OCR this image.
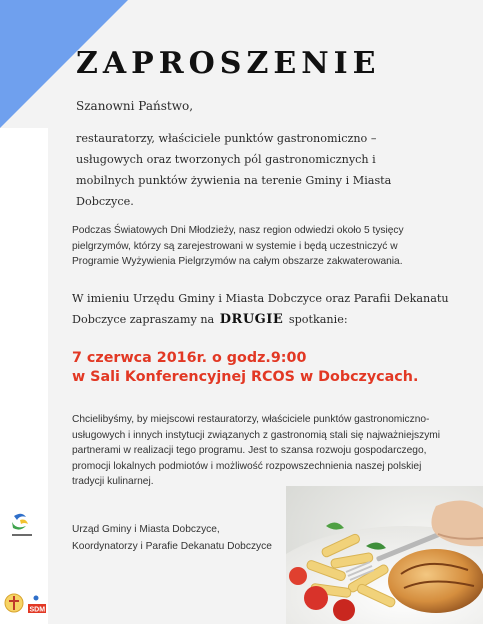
ZAPROSZENIE
Szanowni Państwo,
restauratorzy, właściciele punktów gastronomiczno – usługowych oraz tworzonych pól gastronomicznych i mobilnych punktów żywienia na terenie Gminy i Miasta Dobczyce.
Podczas Światowych Dni Młodzieży, nasz region odwiedzi około 5 tysięcy pielgrzymów, którzy są zarejestrowani w systemie i będą uczestniczyć w Programie Wyżywienia Pielgrzymów na całym obszarze zakwaterowania.
W imieniu Urzędu Gminy i Miasta Dobczyce oraz Parafii Dekanatu Dobczyce zapraszamy na DRUGIE spotkanie:
7 czerwca 2016r. o godz.9:00
w Sali Konferencyjnej RCOS w Dobczycach.
Chcielibyśmy, by miejscowi restauratorzy, właściciele punktów gastronomiczno-usługowych i innych instytucji związanych z gastronomią stali się najważniejszymi partnerami w realizacji tego programu. Jest to szansa rozwoju gospodarczego, promocji lokalnych podmiotów i możliwość rozpowszechnienia naszej polskiej tradycji kulinarnej.
Urząd Gminy i Miasta Dobczyce,
Koordynatorzy i Parafie Dekanatu Dobczyce
SDM
